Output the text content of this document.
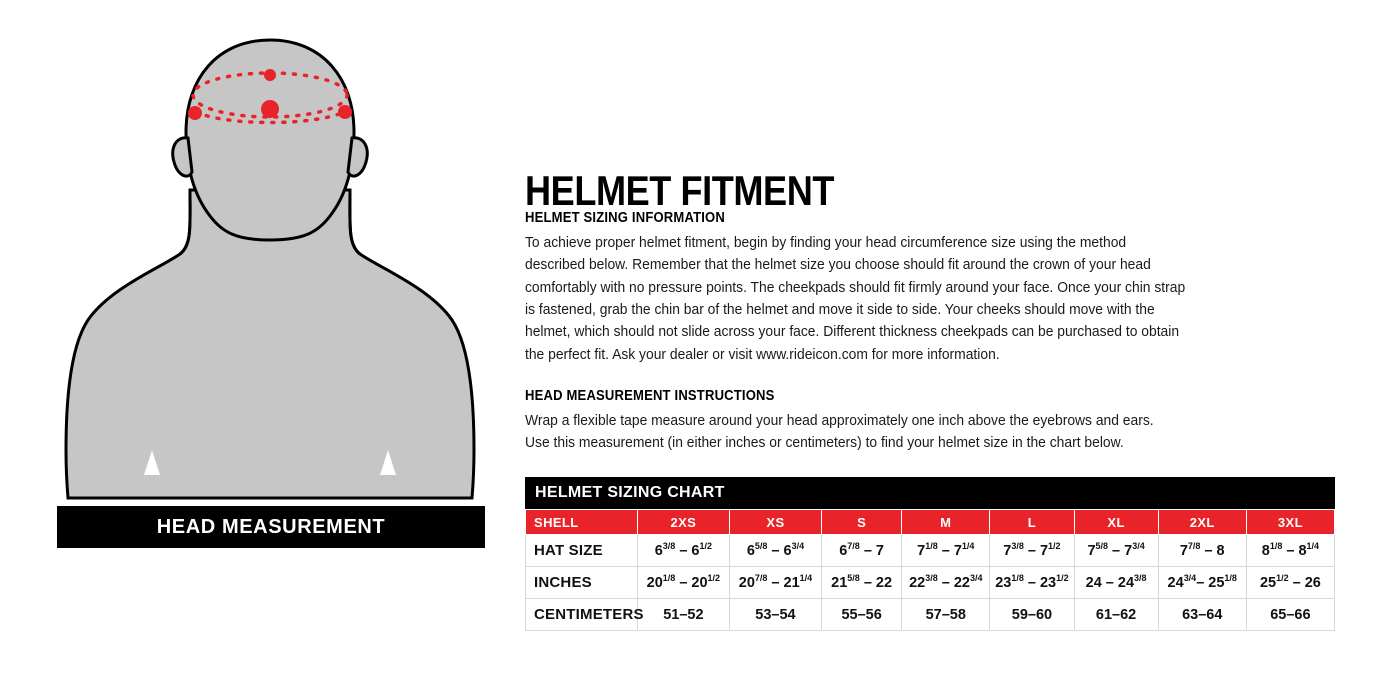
HEAD MEASUREMENT
HELMET FITMENT
HELMET SIZING INFORMATION

To achieve proper helmet fitment, begin by finding your head circumference size using the method described below. Remember that the helmet size you choose should fit around the crown of your head comfortably with no pressure points. The cheekpads should fit firmly around your face. Once your chin strap is fastened, grab the chin bar of the helmet and move it side to side. Your cheeks should move with the helmet, which should not slide across your face. Different thickness cheekpads can be purchased to obtain the perfect fit. Ask your dealer or visit www.rideicon.com for more information.

HEAD MEASUREMENT INSTRUCTIONS

Wrap a flexible tape measure around your head approximately one inch above the eyebrows and ears. Use this measurement (in either inches or centimeters) to find your helmet size in the chart below.

HELMET SIZING CHART
SHELL	2XS	XS	S	M	L	XL	2XL	3XL
HAT SIZE	$6^{3/8} - 6^{1/2}$	$6^{5/8} - 6^{3/4}$	$6^{7/8} - 7$	$7^{1/8} - 7^{1/4}$	$7^{3/8} - 7^{1/2}$	$7^{5/8} - 7^{3/4}$	$7^{7/8} - 8$	$8^{1/8} - 8^{1/4}$
INCHES	$20^{1/8} - 20^{1/2}$	$20^{7/8} - 21^{1/4}$	$21^{5/8} - 22$	$22^{3/8} - 22^{3/4}$	$23^{1/8} - 23^{1/2}$	$24 - 24^{3/8}$	$24^{3/4}-$ $25^{1/8}$	$25^{1/2} - 26$
CENTIMETERS	51–52	53–54	55–56	57–58	59–60	61–62	63–64	65–66
